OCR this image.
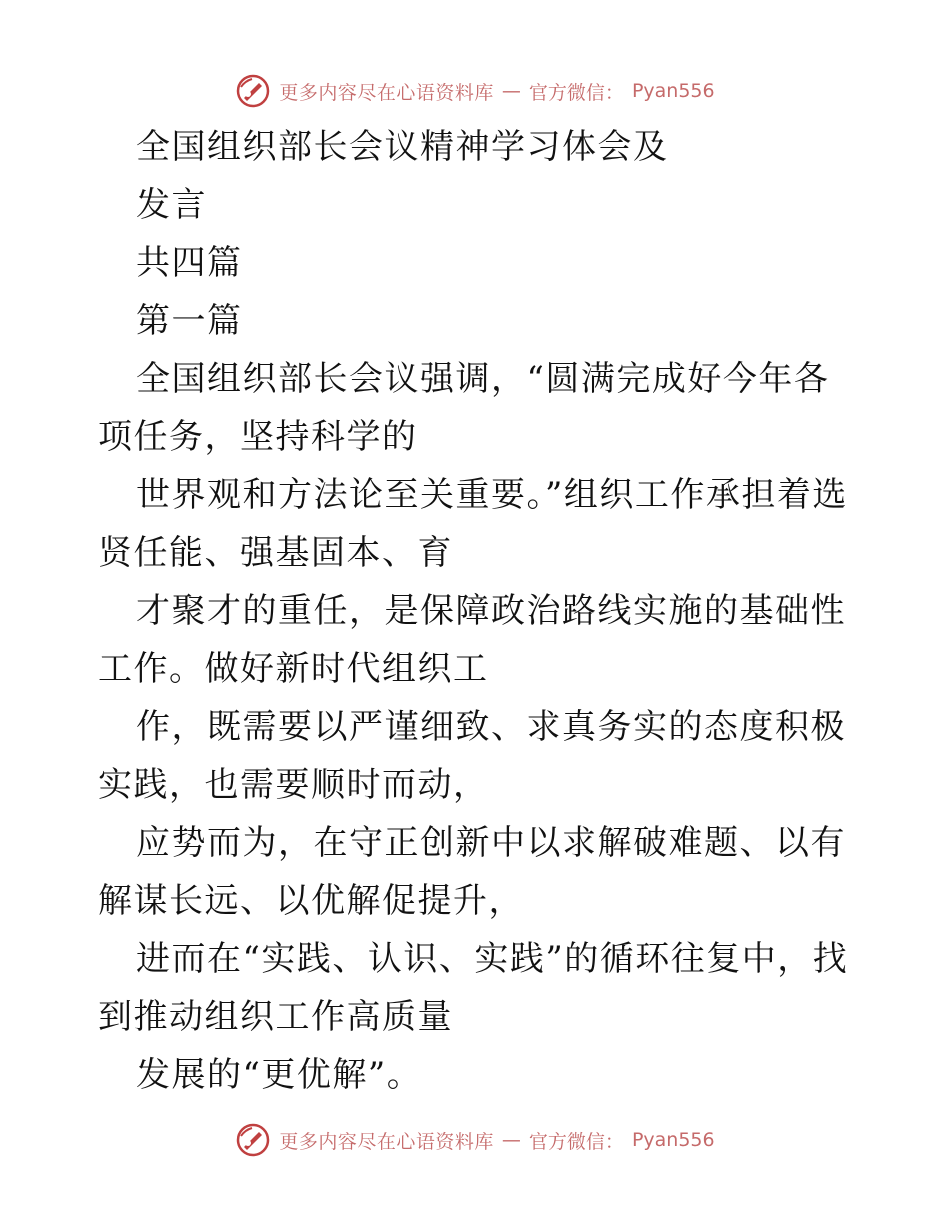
更多内容尽在心语资料库 — 官方微信： Pyan556

全国组织部长会议精神学习体会及

发言

共四篇

第一篇

全国组织部长会议强调，“圆满完成好今年各项任务，坚持科学的

世界观和方法论至关重要。”组织工作承担着选贤任能、强基固本、育

才聚才的重任，是保障政治路线实施的基础性工作。做好新时代组织工

作，既需要以严谨细致、求真务实的态度积极实践，也需要顺时而动，

应势而为，在守正创新中以求解破难题、以有解谋长远、以优解促提升，

进而在“实践、认识、实践”的循环往复中，找到推动组织工作高质量

发展的“更优解”。

更多内容尽在心语资料库 — 官方微信： Pyan556
